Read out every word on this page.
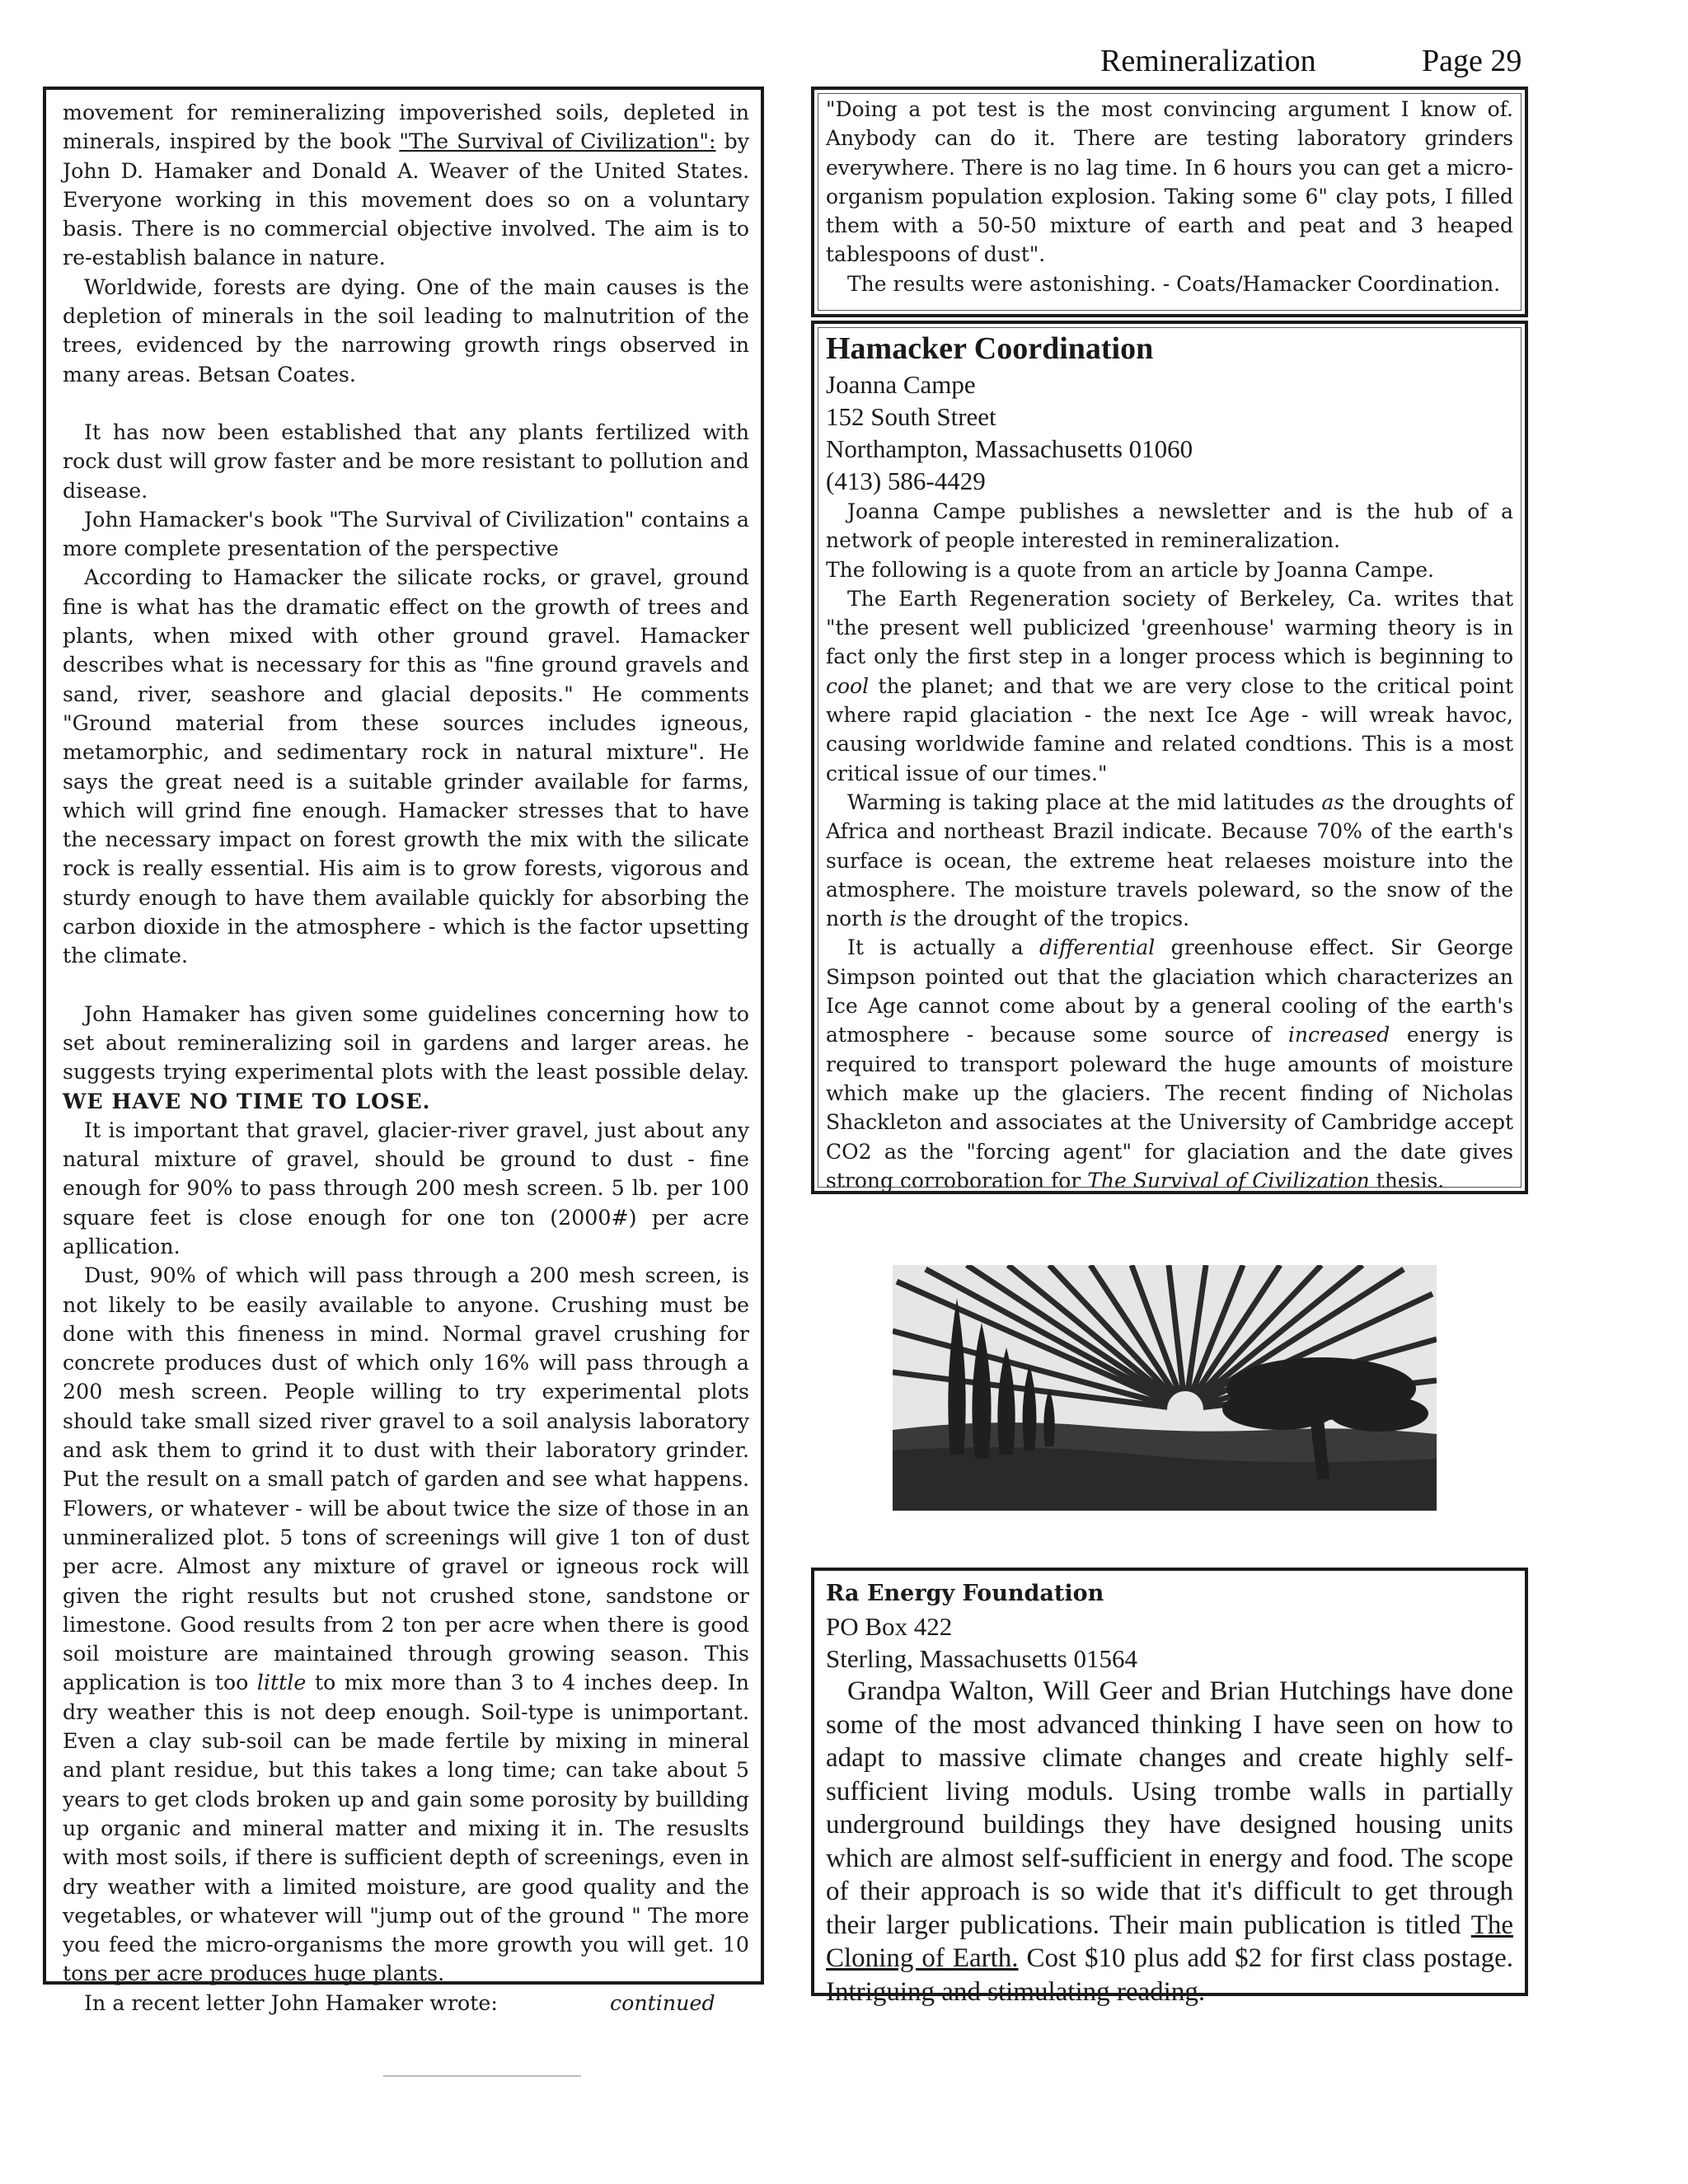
Remineralization	Page 29

movement for remineralizing impoverished soils, depleted in minerals, inspired by the book "The Survival of Civilization": by John D. Hamaker and Donald A. Weaver of the United States. Everyone working in this movement does so on a voluntary basis. There is no commercial objective involved. The aim is to re-establish balance in nature.

Worldwide, forests are dying. One of the main causes is the depletion of minerals in the soil leading to malnutrition of the trees, evidenced by the narrowing growth rings observed in many areas. Betsan Coates.

It has now been established that any plants fertilized with rock dust will grow faster and be more resistant to pollution and disease.

John Hamacker's book "The Survival of Civilization" contains a more complete presentation of the perspective

According to Hamacker the silicate rocks, or gravel, ground fine is what has the dramatic effect on the growth of trees and plants, when mixed with other ground gravel. Hamacker describes what is necessary for this as "fine ground gravels and sand, river, seashore and glacial deposits." He comments "Ground material from these sources includes igneous, metamorphic, and sedimentary rock in natural mixture". He says the great need is a suitable grinder available for farms, which will grind fine enough. Hamacker stresses that to have the necessary impact on forest growth the mix with the silicate rock is really essential. His aim is to grow forests, vigorous and sturdy enough to have them available quickly for absorbing the carbon dioxide in the atmosphere - which is the factor upsetting the climate.

John Hamaker has given some guidelines concerning how to set about remineralizing soil in gardens and larger areas. he suggests trying experimental plots with the least possible delay. WE HAVE NO TIME TO LOSE.

It is important that gravel, glacier-river gravel, just about any natural mixture of gravel, should be ground to dust - fine enough for 90% to pass through 200 mesh screen. 5 lb. per 100 square feet is close enough for one ton (2000#) per acre apllication.

Dust, 90% of which will pass through a 200 mesh screen, is not likely to be easily available to anyone. Crushing must be done with this fineness in mind. Normal gravel crushing for concrete produces dust of which only 16% will pass through a 200 mesh screen. People willing to try experimental plots should take small sized river gravel to a soil analysis laboratory and ask them to grind it to dust with their laboratory grinder. Put the result on a small patch of garden and see what happens. Flowers, or whatever - will be about twice the size of those in an unmineralized plot. 5 tons of screenings will give 1 ton of dust per acre. Almost any mixture of gravel or igneous rock will given the right results but not crushed stone, sandstone or limestone. Good results from 2 ton per acre when there is good soil moisture are maintained through growing season. This application is too little to mix more than 3 to 4 inches deep. In dry weather this is not deep enough. Soil-type is unimportant. Even a clay sub-soil can be made fertile by mixing in mineral and plant residue, but this takes a long time; can take about 5 years to get clods broken up and gain some porosity by buillding up organic and mineral matter and mixing it in. The resuslts with most soils, if there is sufficient depth of screenings, even in dry weather with a limited moisture, are good quality and the vegetables, or whatever will "jump out of the ground " The more you feed the micro-organisms the more growth you will get. 10 tons per acre produces huge plants.

In a recent letter John Hamaker wrote:	continued

"Doing a pot test is the most convincing argument I know of. Anybody can do it. There are testing laboratory grinders everywhere. There is no lag time. In 6 hours you can get a micro-organism population explosion. Taking some 6" clay pots, I filled them with a 50-50 mixture of earth and peat and 3 heaped tablespoons of dust".

The results were astonishing. - Coats/Hamacker Coordination.

Hamacker Coordination
Joanna Campe
152 South Street
Northampton, Massachusetts 01060
(413) 586-4429

Joanna Campe publishes a newsletter and is the hub of a network of people interested in remineralization.

The following is a quote from an article by Joanna Campe.

The Earth Regeneration society of Berkeley, Ca. writes that "the present well publicized 'greenhouse' warming theory is in fact only the first step in a longer process which is beginning to cool the planet; and that we are very close to the critical point where rapid glaciation - the next Ice Age - will wreak havoc, causing worldwide famine and related condtions. This is a most critical issue of our times."

Warming is taking place at the mid latitudes as the droughts of Africa and northeast Brazil indicate. Because 70% of the earth's surface is ocean, the extreme heat relaeses moisture into the atmosphere. The moisture travels poleward, so the snow of the north is the drought of the tropics.

It is actually a differential greenhouse effect. Sir George Simpson pointed out that the glaciation which characterizes an Ice Age cannot come about by a general cooling of the earth's atmosphere - because some source of increased energy is required to transport poleward the huge amounts of moisture which make up the glaciers. The recent finding of Nicholas Shackleton and associates at the University of Cambridge accept CO2 as the "forcing agent" for glaciation and the date gives strong corroboration for The Survival of Civilization thesis.

Ra Energy Foundation
PO Box 422
Sterling, Massachusetts 01564

Grandpa Walton, Will Geer and Brian Hutchings have done some of the most advanced thinking I have seen on how to adapt to massive climate changes and create highly self-sufficient living moduls. Using trombe walls in partially underground buildings they have designed housing units which are almost self-sufficient in energy and food. The scope of their approach is so wide that it's difficult to get through their larger publications. Their main publication is titled The Cloning of Earth. Cost $10 plus add $2 for first class postage. Intriguing and stimulating reading.
